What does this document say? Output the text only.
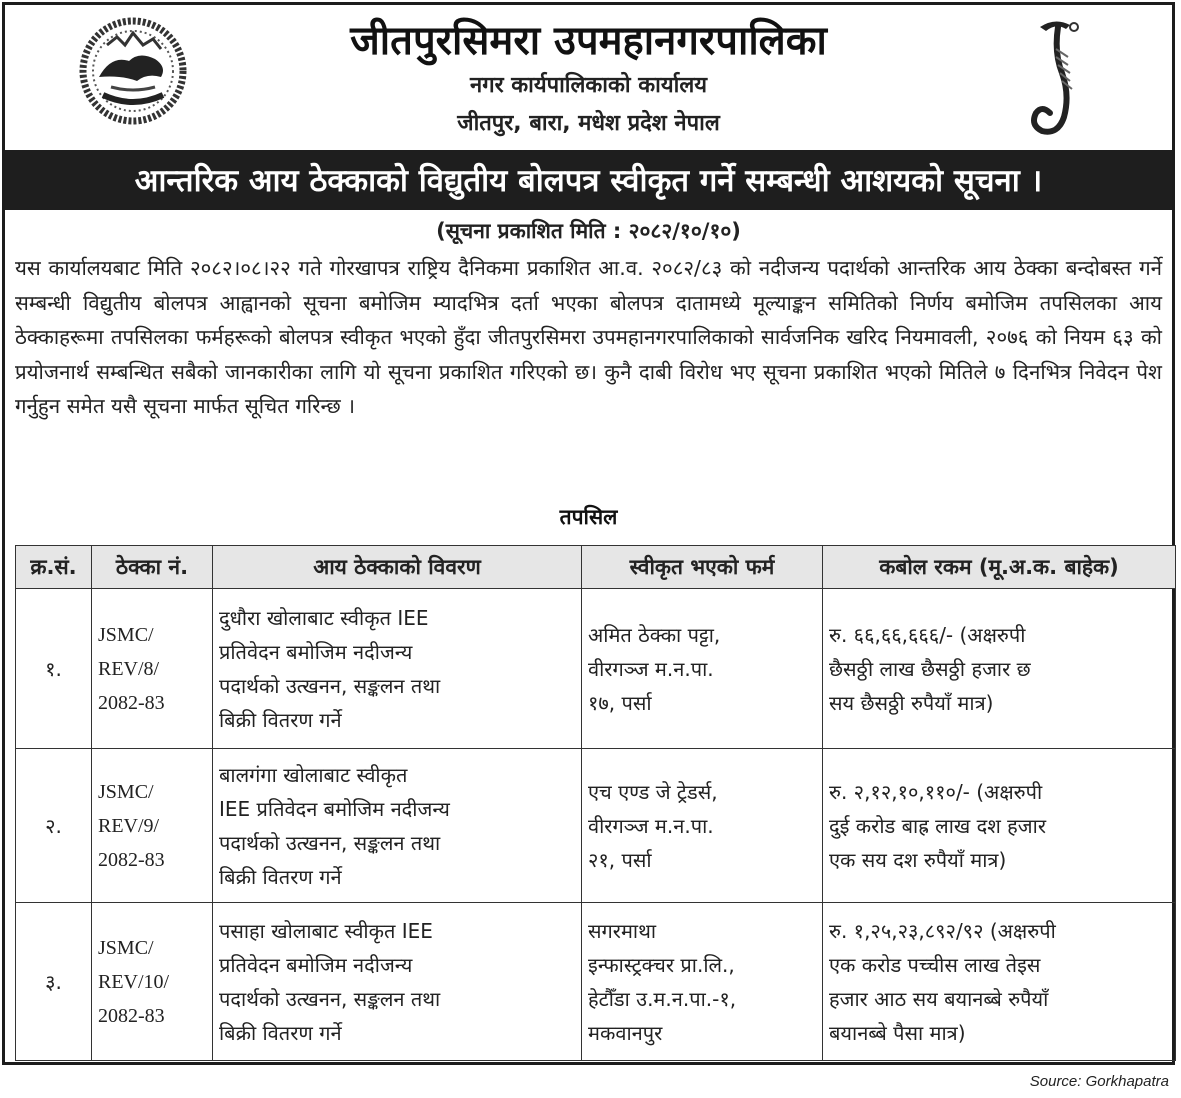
जीतपुरसिमरा उपमहानगरपालिका
नगर कार्यपालिकाको कार्यालय
जीतपुर, बारा, मधेश प्रदेश नेपाल
आन्तरिक आय ठेक्काको विद्युतीय बोलपत्र स्वीकृत गर्ने सम्बन्धी आशयको सूचना ।
(सूचना प्रकाशित मिति : २०८२/१०/१०)
यस कार्यालयबाट मिति २०८२।०८।२२ गते गोरखापत्र राष्ट्रिय दैनिकमा प्रकाशित आ.व. २०८२/८३ को नदीजन्य पदार्थको आन्तरिक आय ठेक्का बन्दोबस्त गर्ने सम्बन्धी विद्युतीय बोलपत्र आह्वानको सूचना बमोजिम म्यादभित्र दर्ता भएका बोलपत्र दातामध्ये मूल्याङ्कन समितिको निर्णय बमोजिम तपसिलका आय ठेक्काहरूमा तपसिलका फर्महरूको बोलपत्र स्वीकृत भएको हुँदा जीतपुरसिमरा उपमहानगरपालिकाको सार्वजनिक खरिद नियमावली, २०७६ को नियम ६३ को प्रयोजनार्थ सम्बन्धित सबैको जानकारीका लागि यो सूचना प्रकाशित गरिएको छ। कुनै दाबी विरोध भए सूचना प्रकाशित भएको मितिले ७ दिनभित्र निवेदन पेश गर्नुहुन समेत यसै सूचना मार्फत सूचित गरिन्छ ।
तपसिल
क्र.सं.	ठेक्का नं.	आय ठेक्काको विवरण	स्वीकृत भएको फर्म	कबोल रकम (मू.अ.क. बाहेक)
१.	JSMC/
REV/8/
2082-83	दुधौरा खोलाबाट स्वीकृत IEE
प्रतिवेदन बमोजिम नदीजन्य
पदार्थको उत्खनन, सङ्कलन तथा
बिक्री वितरण गर्ने	अमित ठेक्का पट्टा,
वीरगञ्ज म.न.पा.
१७, पर्सा	रु. ६६,६६,६६६/- (अक्षरुपी
छैसठ्ठी लाख छैसठ्ठी हजार छ
सय छैसठ्ठी रुपैयाँ मात्र)

२.	JSMC/
REV/9/
2082-83	बालगंगा खोलाबाट स्वीकृत
IEE प्रतिवेदन बमोजिम नदीजन्य
पदार्थको उत्खनन, सङ्कलन तथा
बिक्री वितरण गर्ने	एच एण्ड जे ट्रेडर्स,
वीरगञ्ज म.न.पा.
२१, पर्सा	रु. २,१२,१०,११०/- (अक्षरुपी
दुई करोड बाह्र लाख दश हजार
एक सय दश रुपैयाँ मात्र)

३.	JSMC/
REV/10/
2082-83	पसाहा खोलाबाट स्वीकृत IEE
प्रतिवेदन बमोजिम नदीजन्य
पदार्थको उत्खनन, सङ्कलन तथा
बिक्री वितरण गर्ने	सगरमाथा
इन्फास्ट्रक्चर प्रा.लि.,
हेटौँडा उ.म.न.पा.-१,
मकवानपुर	रु. १,२५,२३,८९२/९२ (अक्षरुपी
एक करोड पच्चीस लाख तेइस
हजार आठ सय बयानब्बे रुपैयाँ
बयानब्बे पैसा मात्र)
Source: Gorkhapatra
